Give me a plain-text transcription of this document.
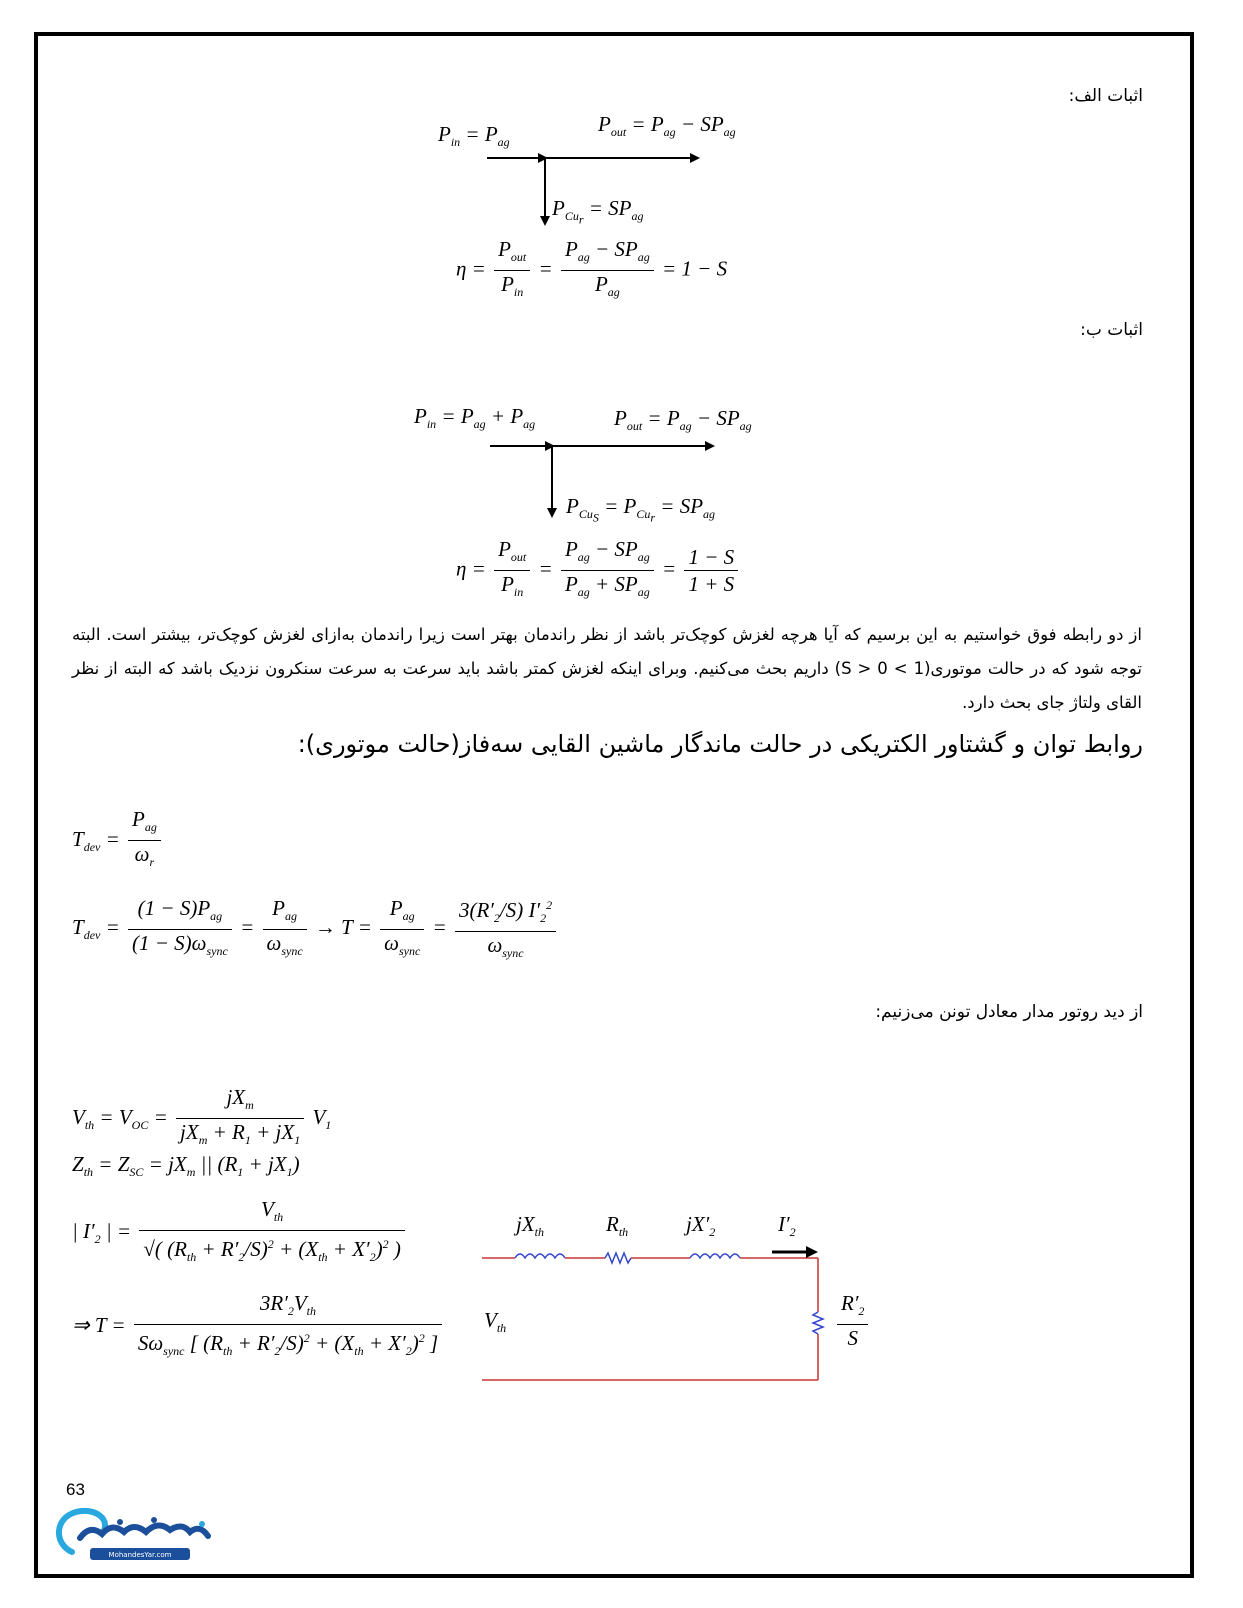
اثبات الف:
$P_{in} = P_{ag}$
$P_{out} = P_{ag} - SP_{ag}$
$P_{Cu_r} = SP_{ag}$
$\eta = \frac{P_{out}}{P_{in}} = \frac{P_{ag} - SP_{ag}}{P_{ag}} = 1 - S$
اثبات ب:
$P_{in} = P_{ag} + P_{ag}$	$P_{out} = P_{ag} - SP_{ag}$
$P_{Cu_S} = P_{Cu_r} = SP_{ag}$
$\eta = \frac{P_{out}}{P_{in}} = \frac{P_{ag} - SP_{ag}}{P_{ag} + SP_{ag}} = \frac{1 - S}{1 + S}$
از دو رابطه فوق خواستیم به این برسیم که آیا هرچه لغزش کوچک‌تر باشد از نظر راندمان بهتر است زیرا راندمان به‌ازای لغزش کوچک‌تر، بیشتر است. البته توجه شود که در حالت موتوری(1 > S > 0) داریم بحث می‌کنیم. وبرای اینکه لغزش کمتر باشد باید سرعت به سرعت سنکرون نزدیک باشد که البته از نظر القای ولتاژ جای بحث دارد.
روابط توان و گشتاور الکتریکی در حالت ماندگار ماشین القایی سه‌فاز(حالت موتوری):
$T_{dev} = \frac{P_{ag}}{\omega_r}$
$T_{dev} = \frac{(1 - S)P_{ag}}{(1 - S)\omega_{sync}} = \frac{P_{ag}}{\omega_{sync}} \to T = \frac{P_{ag}}{\omega_{sync}} = \frac{3(R'_2/S) I'_2^2}{\omega_{sync}}$
از دید روتور مدار معادل تونن می‌زنیم:
$V_{th} = V_{OC} = \frac{jX_m}{jX_m + R_1 + jX_1} V_1$
$Z_{th} = Z_{SC} = jX_m$ || $(R_1 + jX_1)$
| $I'_2$ | = $\frac{V_{th}}{√( (R_{th} + R'_2/S)^2 + (X_{th} + X'_2)^2 )}$
⇒ $T = \frac{3R'_2V_{th}}{S\omega_{sync} [ (R_{th} + R'_2/S)^2 + (X_{th} + X'_2)^2 ]}$
$jX_{th}$	$R_{th}$	$jX'_2$	$I'_2$
$V_{th}$	$\frac{R'_2}{S}$
63
MohandesYar.com
